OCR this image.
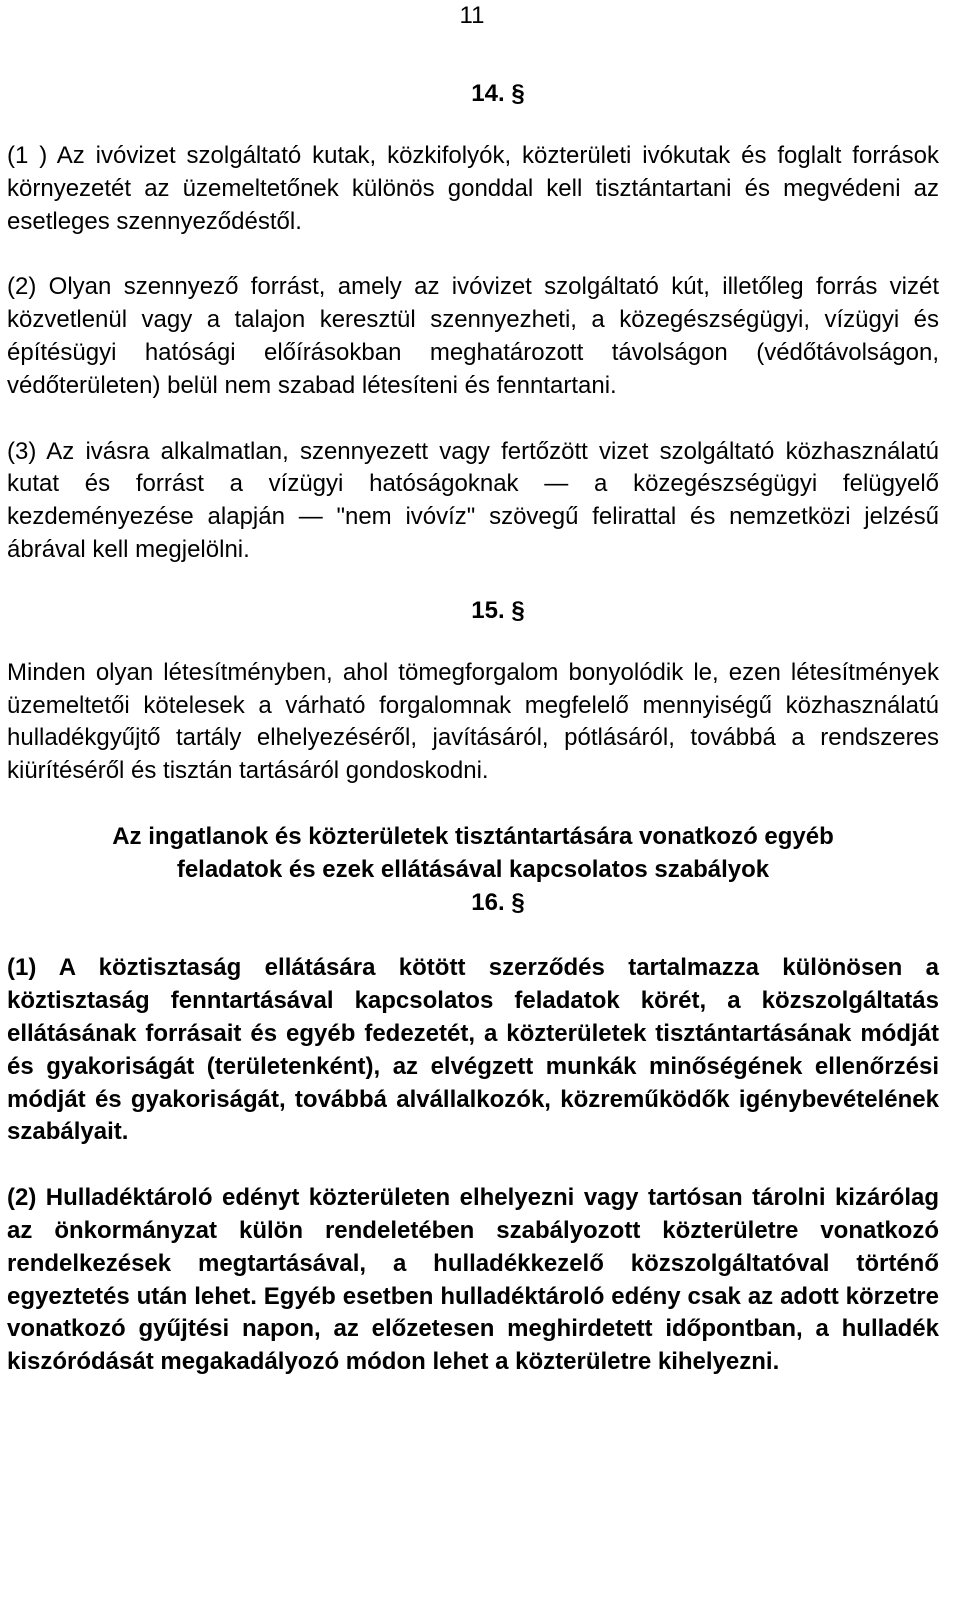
11
14. §

(1 ) Az ivóvizet szolgáltató kutak, közkifolyók, közterületi ivókutak és foglalt források környezetét az üzemeltetőnek különös gonddal kell tisztántartani és megvédeni az esetleges szennyeződéstől.

(2) Olyan szennyező forrást, amely az ivóvizet szolgáltató kút, illetőleg forrás vizét közvetlenül vagy a talajon keresztül szennyezheti, a közegészségügyi, vízügyi és építésügyi hatósági előírásokban meghatározott távolságon (védőtávolságon, védőterületen) belül nem szabad létesíteni és fenntartani.

(3) Az ivásra alkalmatlan, szennyezett vagy fertőzött vizet szolgáltató közhasználatú kutat és forrást a vízügyi hatóságoknak — a közegészségügyi felügyelő kezdeményezése alapján — "nem ivóvíz" szövegű felirattal és nemzetközi jelzésű ábrával kell megjelölni.

15. §

Minden olyan létesítményben, ahol tömegforgalom bonyolódik le, ezen létesítmények üzemeltetői kötelesek a várható forgalomnak megfelelő mennyiségű közhasználatú hulladékgyűjtő tartály elhelyezéséről, javításáról, pótlásáról, továbbá a rendszeres kiürítéséről és tisztán tartásáról gondoskodni.

Az ingatlanok és közterületek tisztántartására vonatkozó egyéb
feladatok és ezek ellátásával kapcsolatos szabályok
16. §

(1) A köztisztaság ellátására kötött szerződés tartalmazza különösen a köztisztaság fenntartásával kapcsolatos feladatok körét, a közszolgáltatás ellátásának forrásait és egyéb fedezetét, a közterületek tisztántartásának módját és gyakoriságát (területenként), az elvégzett munkák minőségének ellenőrzési módját és gyakoriságát, továbbá alvállalkozók, közreműködők igénybevételének szabályait.

(2) Hulladéktároló edényt közterületen elhelyezni vagy tartósan tárolni kizárólag az önkormányzat külön rendeletében szabályozott közterületre vonatkozó rendelkezések megtartásával, a hulladékkezelő közszolgáltatóval történő egyeztetés után lehet. Egyéb esetben hulladéktároló edény csak az adott körzetre vonatkozó gyűjtési napon, az előzetesen meghirdetett időpontban, a hulladék kiszóródását megakadályozó módon lehet a közterületre kihelyezni.
